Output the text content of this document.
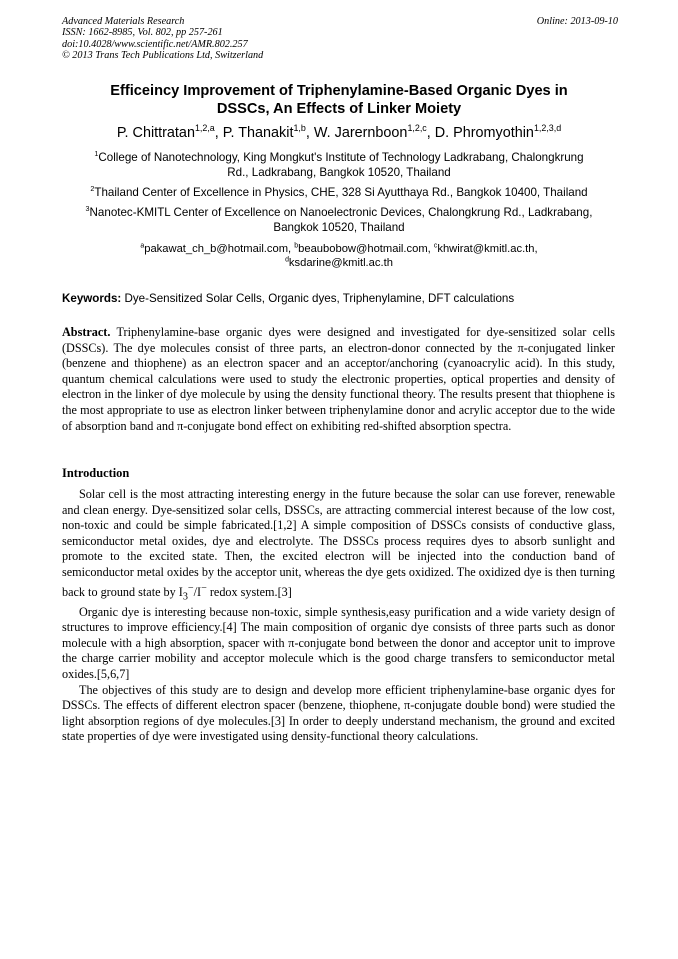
Advanced Materials Research
ISSN: 1662-8985, Vol. 802, pp 257-261
doi:10.4028/www.scientific.net/AMR.802.257
© 2013 Trans Tech Publications Ltd, Switzerland
Online: 2013-09-10
Efficeincy Improvement of Triphenylamine-Based Organic Dyes in
DSSCs, An Effects of Linker Moiety
P. Chittratan$^{1,2,a}$, P. Thanakit$^{1,b}$, W. Jarernboon$^{1,2,c}$, D. Phromyothin$^{1,2,3,d}$
$^1$College of Nanotechnology, King Mongkut's Institute of Technology Ladkrabang, Chalongkrung
Rd., Ladkrabang, Bangkok 10520, Thailand
$^2$Thailand Center of Excellence in Physics, CHE, 328 Si Ayutthaya Rd., Bangkok 10400, Thailand
$^3$Nanotec-KMITL Center of Excellence on Nanoelectronic Devices, Chalongkrung Rd., Ladkrabang,
Bangkok 10520, Thailand
$^a$pakawat_ch_b@hotmail.com, $^b$beaubobow@hotmail.com, $^c$khwirat@kmitl.ac.th,
$^d$ksdarine@kmitl.ac.th
Keywords: Dye-Sensitized Solar Cells, Organic dyes, Triphenylamine, DFT calculations
Abstract. Triphenylamine-base organic dyes were designed and investigated for dye-sensitized solar cells (DSSCs). The dye molecules consist of three parts, an electron-donor connected by the π-conjugated linker (benzene and thiophene) as an electron spacer and an acceptor/anchoring (cyanoacrylic acid). In this study, quantum chemical calculations were used to study the electronic properties, optical properties and density of electron in the linker of dye molecule by using the density functional theory. The results present that thiophene is the most appropriate to use as electron linker between triphenylamine donor and acrylic acceptor due to the wide of absorption band and π-conjugate bond effect on exhibiting red-shifted absorption spectra.
Introduction

Solar cell is the most attracting interesting energy in the future because the solar can use forever, renewable and clean energy. Dye-sensitized solar cells, DSSCs, are attracting commercial interest because of the low cost, non-toxic and could be simple fabricated.[1,2] A simple composition of DSSCs consists of conductive glass, semiconductor metal oxides, dye and electrolyte. The DSSCs process requires dyes to absorb sunlight and promote to the excited state. Then, the excited electron will be injected into the conduction band of semiconductor metal oxides by the acceptor unit, whereas the dye gets oxidized. The oxidized dye is then turning back to ground state by $I_3^-/I^-$ redox system.[3]

Organic dye is interesting because non-toxic, simple synthesis,easy purification and a wide variety design of structures to improve efficiency.[4] The main composition of organic dye consists of three parts such as donor molecule with a high absorption, spacer with π-conjugate bond between the donor and acceptor unit to improve the charge carrier mobility and acceptor molecule which is the good charge transfers to semiconductor metal oxides.[5,6,7]

The objectives of this study are to design and develop more efficient triphenylamine-base organic dyes for DSSCs. The effects of different electron spacer (benzene, thiophene, π-conjugate double bond) were studied the light absorption regions of dye molecules.[3] In order to deeply understand mechanism, the ground and excited state properties of dye were investigated using density-functional theory calculations.
